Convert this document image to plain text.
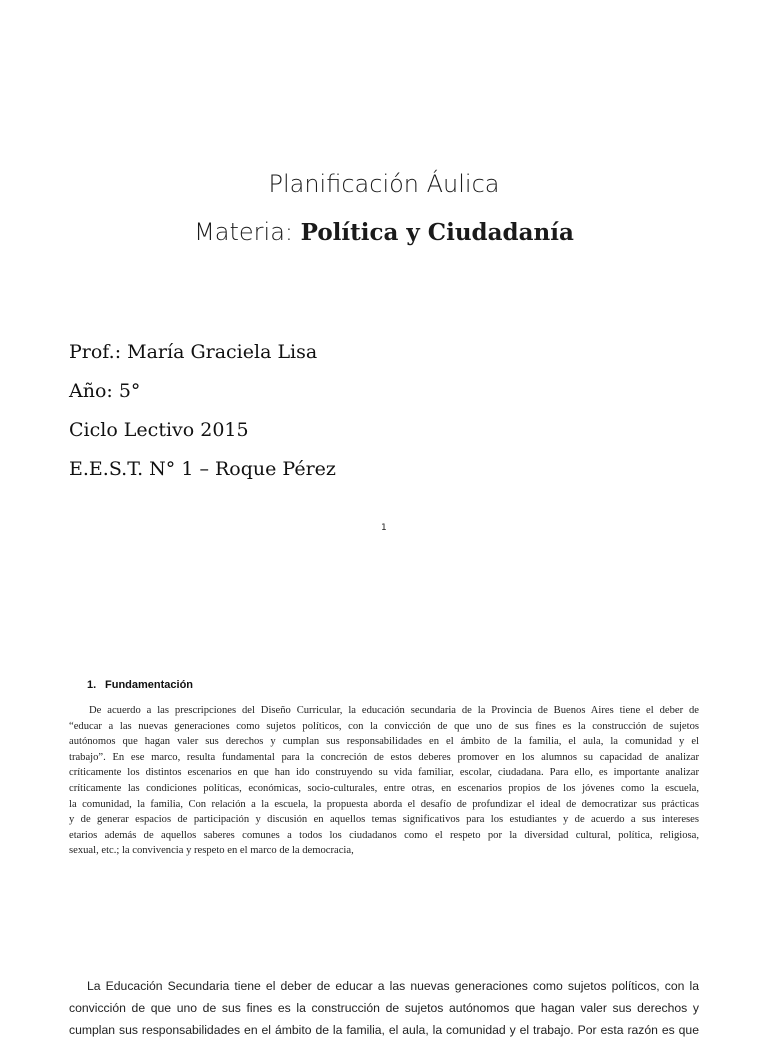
Planificación Áulica
Materia: Política y Ciudadanía
Prof.: María Graciela Lisa
Año: 5°
Ciclo Lectivo 2015
E.E.S.T. N° 1 – Roque Pérez
1
1. Fundamentación
De acuerdo a las prescripciones del Diseño Curricular, la educación secundaria de la Provincia de Buenos Aires tiene el deber de
“educar a las nuevas generaciones como sujetos políticos, con la convicción de que uno de sus fines es la construcción de sujetos
autónomos que hagan valer sus derechos y cumplan sus responsabilidades en el ámbito de la familia, el aula, la comunidad y el
trabajo”. En ese marco, resulta fundamental para la concreción de estos deberes promover en los alumnos su capacidad de analizar
críticamente los distintos escenarios en que han ido construyendo su vida familiar, escolar, ciudadana. Para ello, es importante analizar
críticamente las condiciones políticas, económicas, socio-culturales, entre otras, en escenarios propios de los jóvenes como la escuela,
la comunidad, la familia, Con relación a la escuela, la propuesta aborda el desafío de profundizar el ideal de democratizar sus prácticas
y de generar espacios de participación y discusión en aquellos temas significativos para los estudiantes y de acuerdo a sus intereses
etarios además de aquellos saberes comunes a todos los ciudadanos como el respeto por la diversidad cultural, política, religiosa,
sexual, etc.; la convivencia y respeto en el marco de la democracia,
La Educación Secundaria tiene el deber de educar a las nuevas generaciones como sujetos políticos, con la
convicción de que uno de sus fines es la construcción de sujetos autónomos que hagan valer sus derechos y
cumplan sus responsabilidades en el ámbito de la familia, el aula, la comunidad y el trabajo. Por esta razón es que
